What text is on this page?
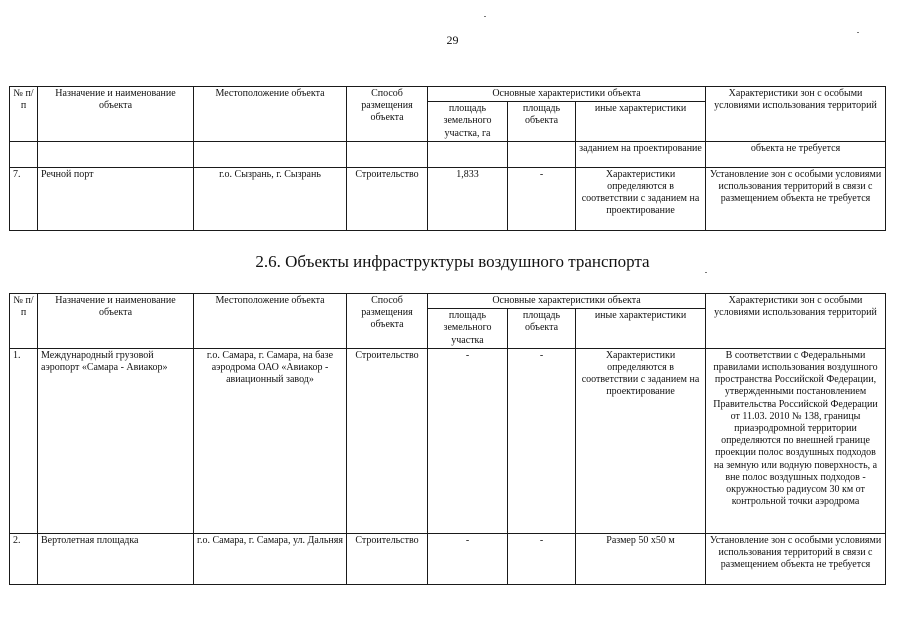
29
№ п/п	Назначение и наименование объекта	Местоположение объекта	Способ размещения объекта	Основные характеристики объекта			Характеристики зон с особыми условиями использования территорий
				площадь земельного участка, га	площадь объекта	иные характеристики	
						заданием на проектирование	объекта не требуется
7.	Речной порт	г.о. Сызрань, г. Сызрань	Строительство	1,833	-	Характеристики определяются в соответствии с заданием на проектирование	Установление зон с особыми условиями использования территорий в связи с размещением объекта не требуется
2.6. Объекты инфраструктуры воздушного транспорта
№ п/п	Назначение и наименование объекта	Местоположение объекта	Способ размещения объекта	Основные характеристики объекта			Характеристики зон с особыми условиями использования территорий
				площадь земельного участка	площадь объекта	иные характеристики	
1.	Международный грузовой аэропорт «Самара - Авиакор»	г.о. Самара, г. Самара, на базе аэродрома ОАО «Авиакор - авиационный завод»	Строительство	-	-	Характеристики определяются в соответствии с заданием на проектирование	В соответствии с Федеральными правилами использования воздушного пространства Российской Федерации, утвержденными постановлением Правительства Российской Федерации от 11.03. 2010 № 138, границы приаэродромной территории определяются по внешней границе проекции полос воздушных подходов на земную или водную поверхность, а вне полос воздушных подходов - окружностью радиусом 30 км от контрольной точки аэродрома
2.	Вертолетная площадка	г.о. Самара, г. Самара, ул. Дальняя	Строительство	-	-	Размер 50 х50 м	Установление зон с особыми условиями использования территорий в связи с размещением объекта не требуется
